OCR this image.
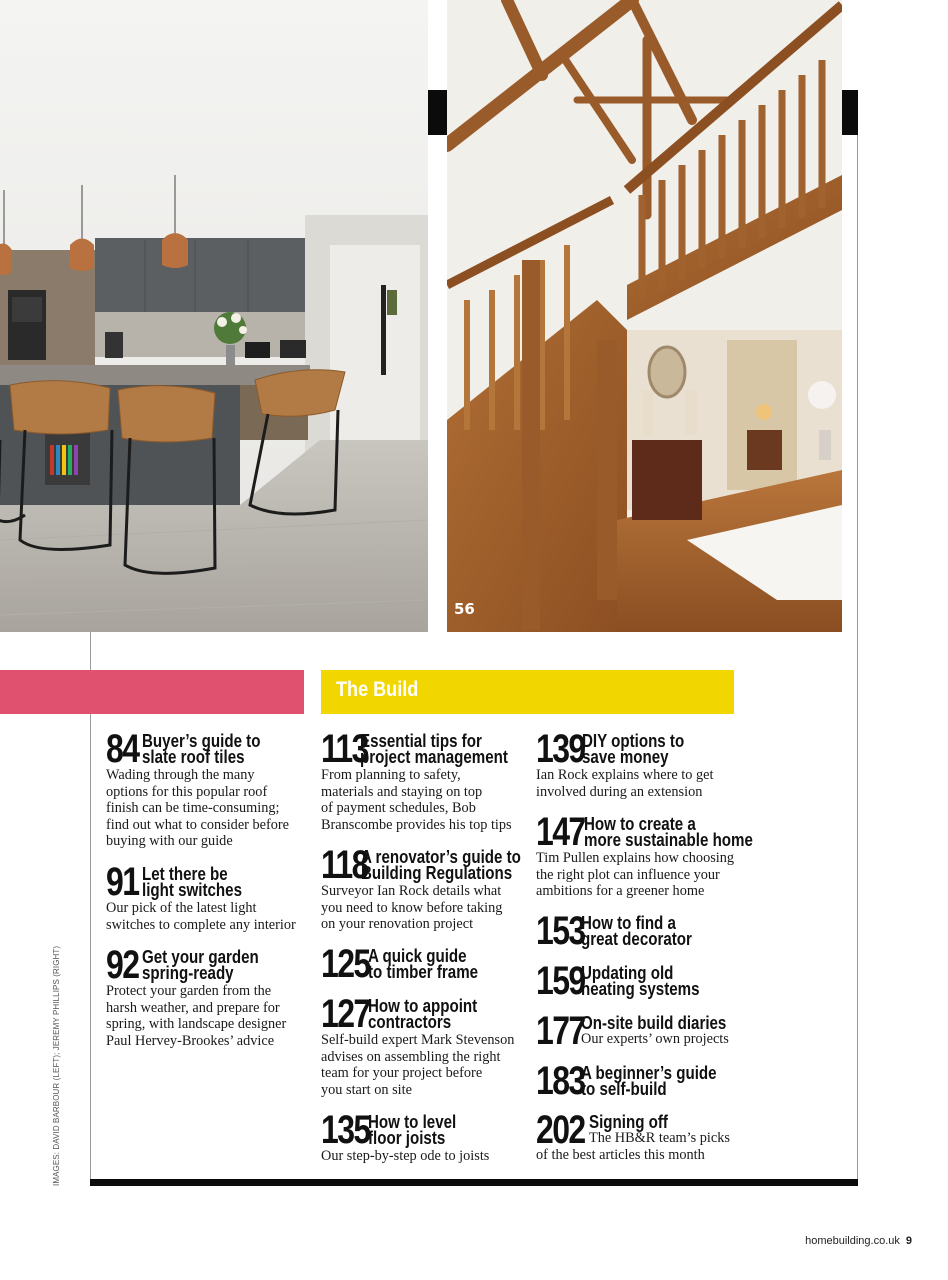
56
The Build
84 Buyer’s guide to
slate roof tiles
Wading through the many
options for this popular roof
finish can be time-consuming;
find out what to consider before
buying with our guide
91 Let there be
light switches
Our pick of the latest light
switches to complete any interior
92 Get your garden
spring-ready
Protect your garden from the
harsh weather, and prepare for
spring, with landscape designer
Paul Hervey-Brookes’ advice
113
Essential tips for
project management
From planning to safety,
materials and staying on top
of payment schedules, Bob
Branscombe provides his top tips
118
A renovator’s guide to
Building Regulations
Surveyor Ian Rock details what
you need to know before taking
on your renovation project
125
A quick guide
to timber frame
127
How to appoint
contractors
Self-build expert Mark Stevenson
advises on assembling the right
team for your project before
you start on site
135
How to level
floor joists
Our step-by-step ode to joists
139
DIY options to
save money
Ian Rock explains where to get
involved during an extension
147 How to create a
more sustainable home
Tim Pullen explains how choosing
the right plot can influence your
ambitions for a greener home
153
How to find a
great decorator
159
Updating old
heating systems
177
On-site build diaries
Our experts’ own projects
183
A beginner’s guide
to self-build
202 Signing off
The HB&R team’s picks
of the best articles this month
IMAGES: DAVID BARBOUR (LEFT); JEREMY PHILLIPS (RIGHT)
homebuilding.co.uk 9
